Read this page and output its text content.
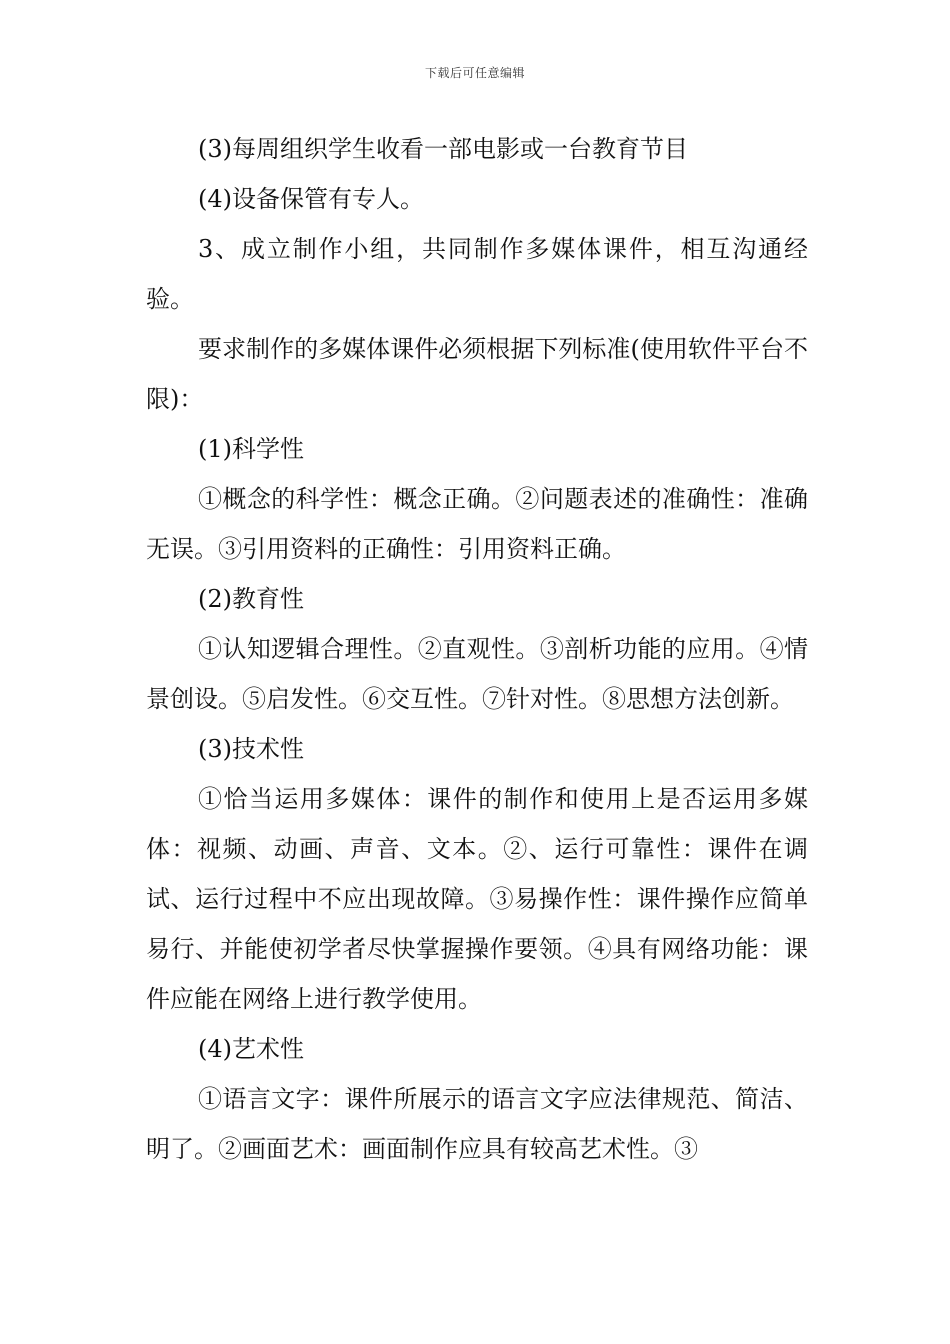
下载后可任意编辑

(3)每周组织学生收看一部电影或一台教育节目

(4)设备保管有专人。

3、成立制作小组，共同制作多媒体课件，相互沟通经验。

要求制作的多媒体课件必须根据下列标准(使用软件平台不限)：

(1)科学性

①概念的科学性：概念正确。②问题表述的准确性：准确无误。③引用资料的正确性：引用资料正确。

(2)教育性

①认知逻辑合理性。②直观性。③剖析功能的应用。④情景创设。⑤启发性。⑥交互性。⑦针对性。⑧思想方法创新。

(3)技术性

①恰当运用多媒体：课件的制作和使用上是否运用多媒体：视频、动画、声音、文本。②、运行可靠性：课件在调试、运行过程中不应出现故障。③易操作性：课件操作应简单易行、并能使初学者尽快掌握操作要领。④具有网络功能：课件应能在网络上进行教学使用。

(4)艺术性

①语言文字：课件所展示的语言文字应法律规范、简洁、明了。②画面艺术：画面制作应具有较高艺术性。③
